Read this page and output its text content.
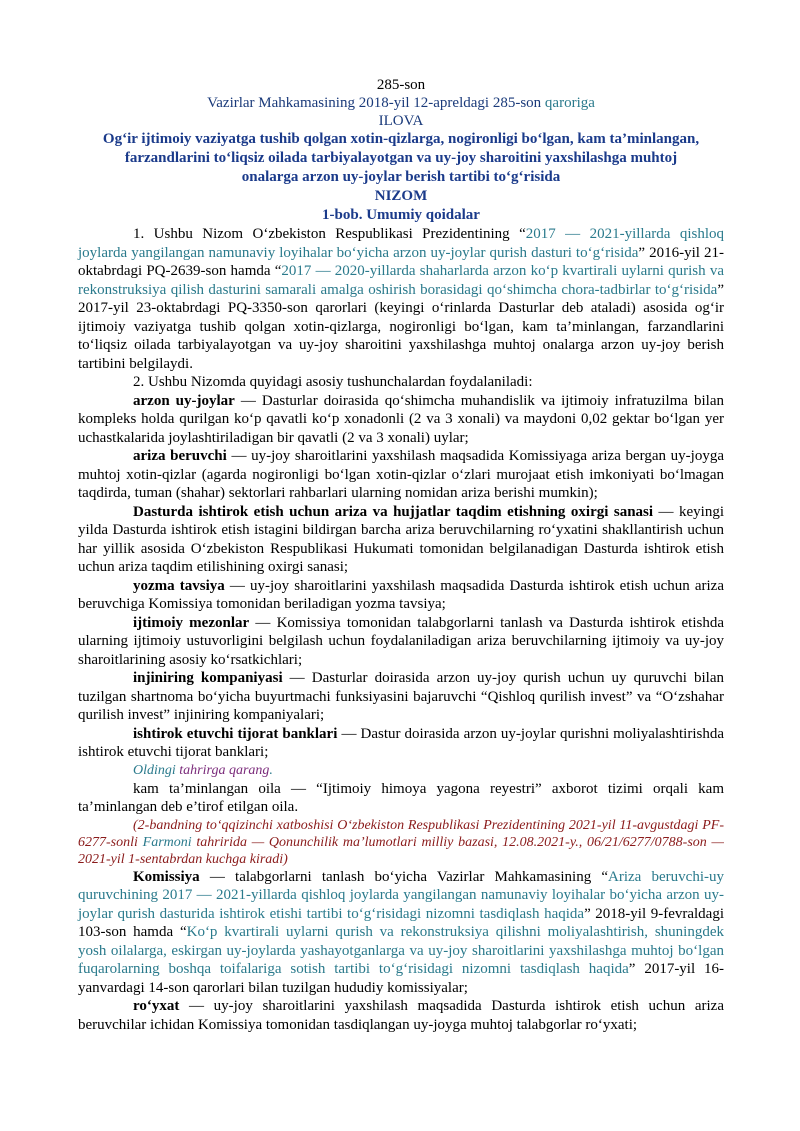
285-son
Vazirlar Mahkamasining 2018-yil 12-apreldagi 285-son qaroriga
ILOVA
Og‘ir ijtimoiy vaziyatga tushib qolgan xotin-qizlarga, nogironligi bo‘lgan, kam ta’minlangan,
farzandlarini to‘liqsiz oilada tarbiyalayotgan va uy-joy sharoitini yaxshilashga muhtoj
onalarga arzon uy-joylar berish tartibi to‘g‘risida
NIZOM
1-bob. Umumiy qoidalar

1. Ushbu Nizom O‘zbekiston Respublikasi Prezidentining “2017 — 2021-yillarda qishloq joylarda yangilangan namunaviy loyihalar bo‘yicha arzon uy-joylar qurish dasturi to‘g‘risida” 2016-yil 21-oktabrdagi PQ-2639-son hamda “2017 — 2020-yillarda shaharlarda arzon ko‘p kvartirali uylarni qurish va rekonstruksiya qilish dasturini samarali amalga oshirish borasidagi qo‘shimcha chora-tadbirlar to‘g‘risida” 2017-yil 23-oktabrdagi PQ-3350-son qarorlari (keyingi o‘rinlarda Dasturlar deb ataladi) asosida og‘ir ijtimoiy vaziyatga tushib qolgan xotin-qizlarga, nogironligi bo‘lgan, kam ta’minlangan, farzandlarini to‘liqsiz oilada tarbiyalayotgan va uy-joy sharoitini yaxshilashga muhtoj onalarga arzon uy-joy berish tartibini belgilaydi.

2. Ushbu Nizomda quyidagi asosiy tushunchalardan foydalaniladi:

arzon uy-joylar — Dasturlar doirasida qo‘shimcha muhandislik va ijtimoiy infratuzilma bilan kompleks holda qurilgan ko‘p qavatli ko‘p xonadonli (2 va 3 xonali) va maydoni 0,02 gektar bo‘lgan yer uchastkalarida joylashtiriladigan bir qavatli (2 va 3 xonali) uylar;

ariza beruvchi — uy-joy sharoitlarini yaxshilash maqsadida Komissiyaga ariza bergan uy-joyga muhtoj xotin-qizlar (agarda nogironligi bo‘lgan xotin-qizlar o‘zlari murojaat etish imkoniyati bo‘lmagan taqdirda, tuman (shahar) sektorlari rahbarlari ularning nomidan ariza berishi mumkin);

Dasturda ishtirok etish uchun ariza va hujjatlar taqdim etishning oxirgi sanasi — keyingi yilda Dasturda ishtirok etish istagini bildirgan barcha ariza beruvchilarning ro‘yxatini shakllantirish uchun har yillik asosida O‘zbekiston Respublikasi Hukumati tomonidan belgilanadigan Dasturda ishtirok etish uchun ariza taqdim etilishining oxirgi sanasi;

yozma tavsiya — uy-joy sharoitlarini yaxshilash maqsadida Dasturda ishtirok etish uchun ariza beruvchiga Komissiya tomonidan beriladigan yozma tavsiya;

ijtimoiy mezonlar — Komissiya tomonidan talabgorlarni tanlash va Dasturda ishtirok etishda ularning ijtimoiy ustuvorligini belgilash uchun foydalaniladigan ariza beruvchilarning ijtimoiy va uy-joy sharoitlarining asosiy ko‘rsatkichlari;

injiniring kompaniyasi — Dasturlar doirasida arzon uy-joy qurish uchun uy quruvchi bilan tuzilgan shartnoma bo‘yicha buyurtmachi funksiyasini bajaruvchi “Qishloq qurilish invest” va “O‘zshahar qurilish invest” injiniring kompaniyalari;

ishtirok etuvchi tijorat banklari — Dastur doirasida arzon uy-joylar qurishni moliyalashtirishda ishtirok etuvchi tijorat banklari;

Oldingi tahrirga qarang.

kam ta’minlangan oila — “Ijtimoiy himoya yagona reyestri” axborot tizimi orqali kam ta’minlangan deb e’tirof etilgan oila.

(2-bandning to‘qqizinchi xatboshisi O‘zbekiston Respublikasi Prezidentining 2021-yil 11-avgustdagi PF-6277-sonli Farmoni tahririda — Qonunchilik ma’lumotlari milliy bazasi, 12.08.2021-y., 06/21/6277/0788-son — 2021-yil 1-sentabrdan kuchga kiradi)

Komissiya — talabgorlarni tanlash bo‘yicha Vazirlar Mahkamasining “Ariza beruvchi-uy quruvchining 2017 — 2021-yillarda qishloq joylarda yangilangan namunaviy loyihalar bo‘yicha arzon uy-joylar qurish dasturida ishtirok etishi tartibi to‘g‘risidagi nizomni tasdiqlash haqida” 2018-yil 9-fevraldagi 103-son hamda “Ko‘p kvartirali uylarni qurish va rekonstruksiya qilishni moliyalashtirish, shuningdek yosh oilalarga, eskirgan uy-joylarda yashayotganlarga va uy-joy sharoitlarini yaxshilashga muhtoj bo‘lgan fuqarolarning boshqa toifalariga sotish tartibi to‘g‘risidagi nizomni tasdiqlash haqida” 2017-yil 16-yanvardagi 14-son qarorlari bilan tuzilgan hududiy komissiyalar;

ro‘yxat — uy-joy sharoitlarini yaxshilash maqsadida Dasturda ishtirok etish uchun ariza beruvchilar ichidan Komissiya tomonidan tasdiqlangan uy-joyga muhtoj talabgorlar ro‘yxati;
